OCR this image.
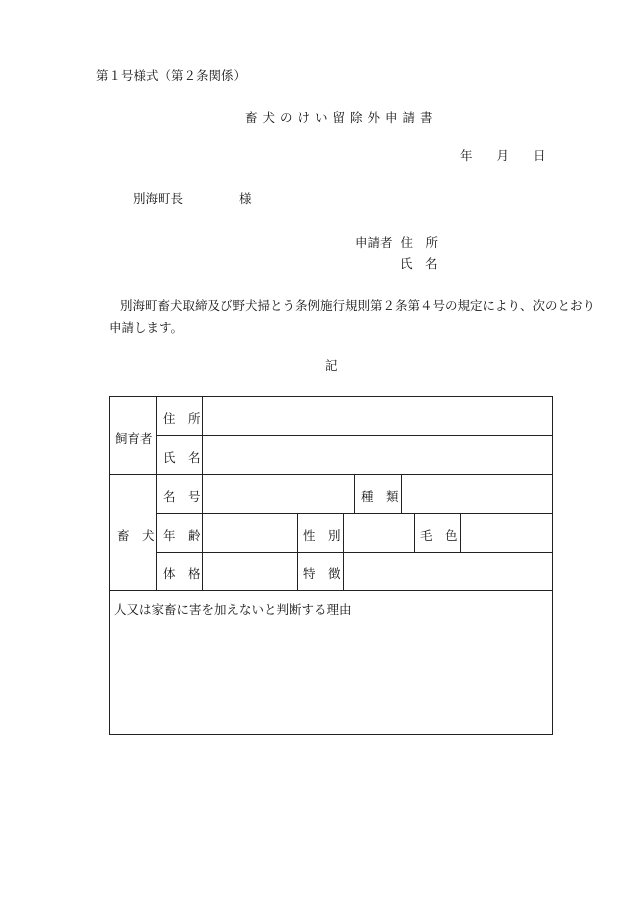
第１号様式（第２条関係）
畜犬のけい留除外申請書
年 月 日
別海町長	様
申請者 住　所
氏　名
別海町畜犬取締及び野犬掃とう条例施行規則第２条第４号の規定により、次のとおり
申請します。
記
飼育者
住　所
氏　名
畜　犬
名　号	種　類
年　齢	性　別	毛　色
体　格	特　徴
人又は家畜に害を加えないと判断する理由
